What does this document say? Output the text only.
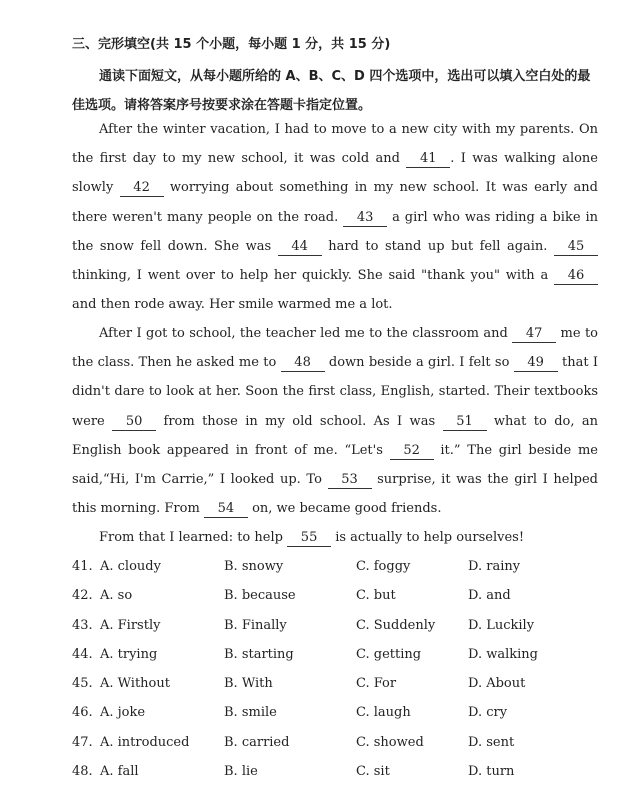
三、完形填空(共 15 个小题，每小题 1 分，共 15 分)
通读下面短文，从每小题所给的 A、B、C、D 四个选项中，选出可以填入空白处的最佳选项。请将答案序号按要求涂在答题卡指定位置。
After the winter vacation, I had to move to a new city with my parents. On the first day to my new school, it was cold and 41 . I was walking alone slowly 42 worrying about something in my new school. It was early and there weren't many people on the road. 43 a girl who was riding a bike in the snow fell down. She was 44 hard to stand up but fell again. 45 thinking, I went over to help her quickly. She said "thank you" with a 46 and then rode away. Her smile warmed me a lot.
After I got to school, the teacher led me to the classroom and 47 me to the class. Then he asked me to 48 down beside a girl. I felt so 49 that I didn't dare to look at her. Soon the first class, English, started. Their textbooks were 50 from those in my old school. As I was 51 what to do, an English book appeared in front of me. “Let's 52 it.” The girl beside me said,“Hi, I'm Carrie,” I looked up. To 53 surprise, it was the girl I helped this morning. From 54 on, we became good friends.
From that I learned: to help 55 is actually to help ourselves!
41. A. cloudy	B. snowy	C. foggy	D. rainy
42. A. so	B. because	C. but	D. and
43. A. Firstly	B. Finally	C. Suddenly	D. Luckily
44. A. trying	B. starting	C. getting	D. walking
45. A. Without	B. With	C. For	D. About
46. A. joke	B. smile	C. laugh	D. cry
47. A. introduced	B. carried	C. showed	D. sent
48. A. fall	B. lie	C. sit	D. turn
